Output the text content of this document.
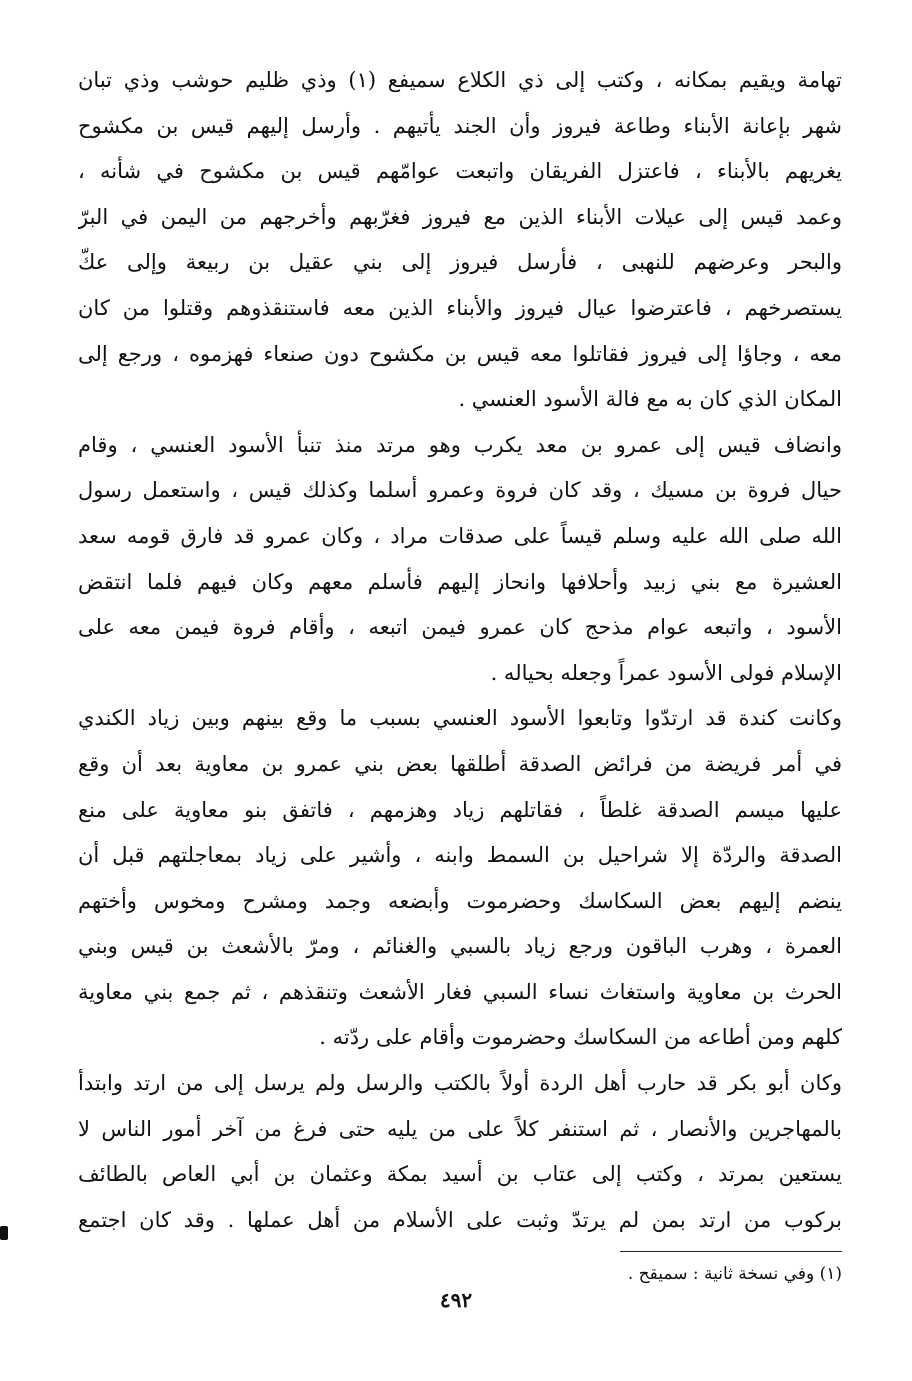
تهامة ويقيم بمكانه ، وكتب إلى ذي الكلاع سميفع (١) وذي ظليم حوشب وذي تبان
شهر بإعانة الأبناء وطاعة فيروز وأن الجند يأتيهم . وأرسل إليهم قيس بن مكشوح
يغريهم بالأبناء ، فاعتزل الفريقان واتبعت عوامّهم قيس بن مكشوح في شأنه ،
وعمد قيس إلى عيلات الأبناء الذين مع فيروز فغرّبهم وأخرجهم من اليمن في البرّ
والبحر وعرضهم للنهبى ، فأرسل فيروز إلى بني عقيل بن ربيعة وإلى عكّ
يستصرخهم ، فاعترضوا عيال فيروز والأبناء الذين معه فاستنقذوهم وقتلوا من كان
معه ، وجاؤا إلى فيروز فقاتلوا معه قيس بن مكشوح دون صنعاء فهزموه ، ورجع إلى
المكان الذي كان به مع فالة الأسود العنسي .
وانضاف قيس إلى عمرو بن معد يكرب وهو مرتد منذ تنبأ الأسود العنسي ، وقام
حيال فروة بن مسيك ، وقد كان فروة وعمرو أسلما وكذلك قيس ، واستعمل رسول
الله صلى الله عليه وسلم قيساً على صدقات مراد ، وكان عمرو قد فارق قومه سعد
العشيرة مع بني زبيد وأحلافها وانحاز إليهم فأسلم معهم وكان فيهم فلما انتقض
الأسود ، واتبعه عوام مذحج كان عمرو فيمن اتبعه ، وأقام فروة فيمن معه على
الإسلام فولى الأسود عمراً وجعله بحياله .
وكانت كندة قد ارتدّوا وتابعوا الأسود العنسي بسبب ما وقع بينهم وبين زياد الكندي
في أمر فريضة من فرائض الصدقة أطلقها بعض بني عمرو بن معاوية بعد أن وقع
عليها ميسم الصدقة غلطاً ، فقاتلهم زياد وهزمهم ، فاتفق بنو معاوية على منع
الصدقة والردّة إلا شراحيل بن السمط وابنه ، وأشير على زياد بمعاجلتهم قبل أن
ينضم إليهم بعض السكاسك وحضرموت وأبضعه وجمد ومشرح ومخوس وأختهم
العمرة ، وهرب الباقون ورجع زياد بالسبي والغنائم ، ومرّ بالأشعث بن قيس وبني
الحرث بن معاوية واستغاث نساء السبي فغار الأشعث وتنقذهم ، ثم جمع بني معاوية
كلهم ومن أطاعه من السكاسك وحضرموت وأقام على ردّته .
وكان أبو بكر قد حارب أهل الردة أولاً بالكتب والرسل ولم يرسل إلى من ارتد وابتدأ
بالمهاجرين والأنصار ، ثم استنفر كلاً على من يليه حتى فرغ من آخر أمور الناس لا
يستعين بمرتد ، وكتب إلى عتاب بن أسيد بمكة وعثمان بن أبي العاص بالطائف
بركوب من ارتد بمن لم يرتدّ وثبت على الأسلام من أهل عملها . وقد كان اجتمع
(١) وفي نسخة ثانية : سميقح .
٤٩٢
